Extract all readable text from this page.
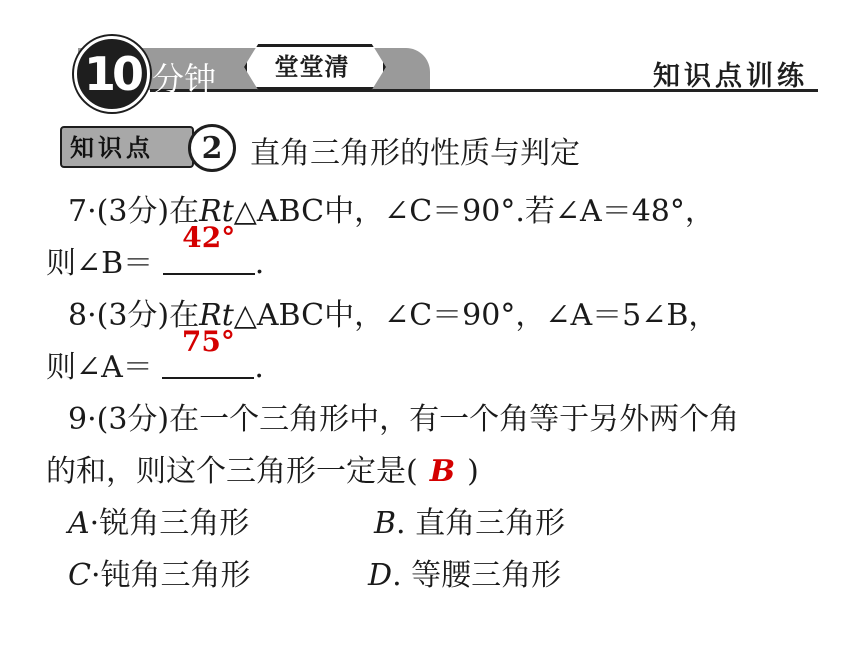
10 分钟 堂堂清	知识点训练
知识点	2 直角三角形的性质与判定
7·(3分)在Rt△ABC中，∠C＝90°.若∠A＝48°，
则∠B＝
42°
.
8·(3分)在Rt△ABC中，∠C＝90°，∠A＝5∠B，
则∠A＝
75°
.
9·(3分)在一个三角形中，有一个角等于另外两个角
的和，则这个三角形一定是( B )
A·锐角三角形	B. 直角三角形
C·钝角三角形	D. 等腰三角形
